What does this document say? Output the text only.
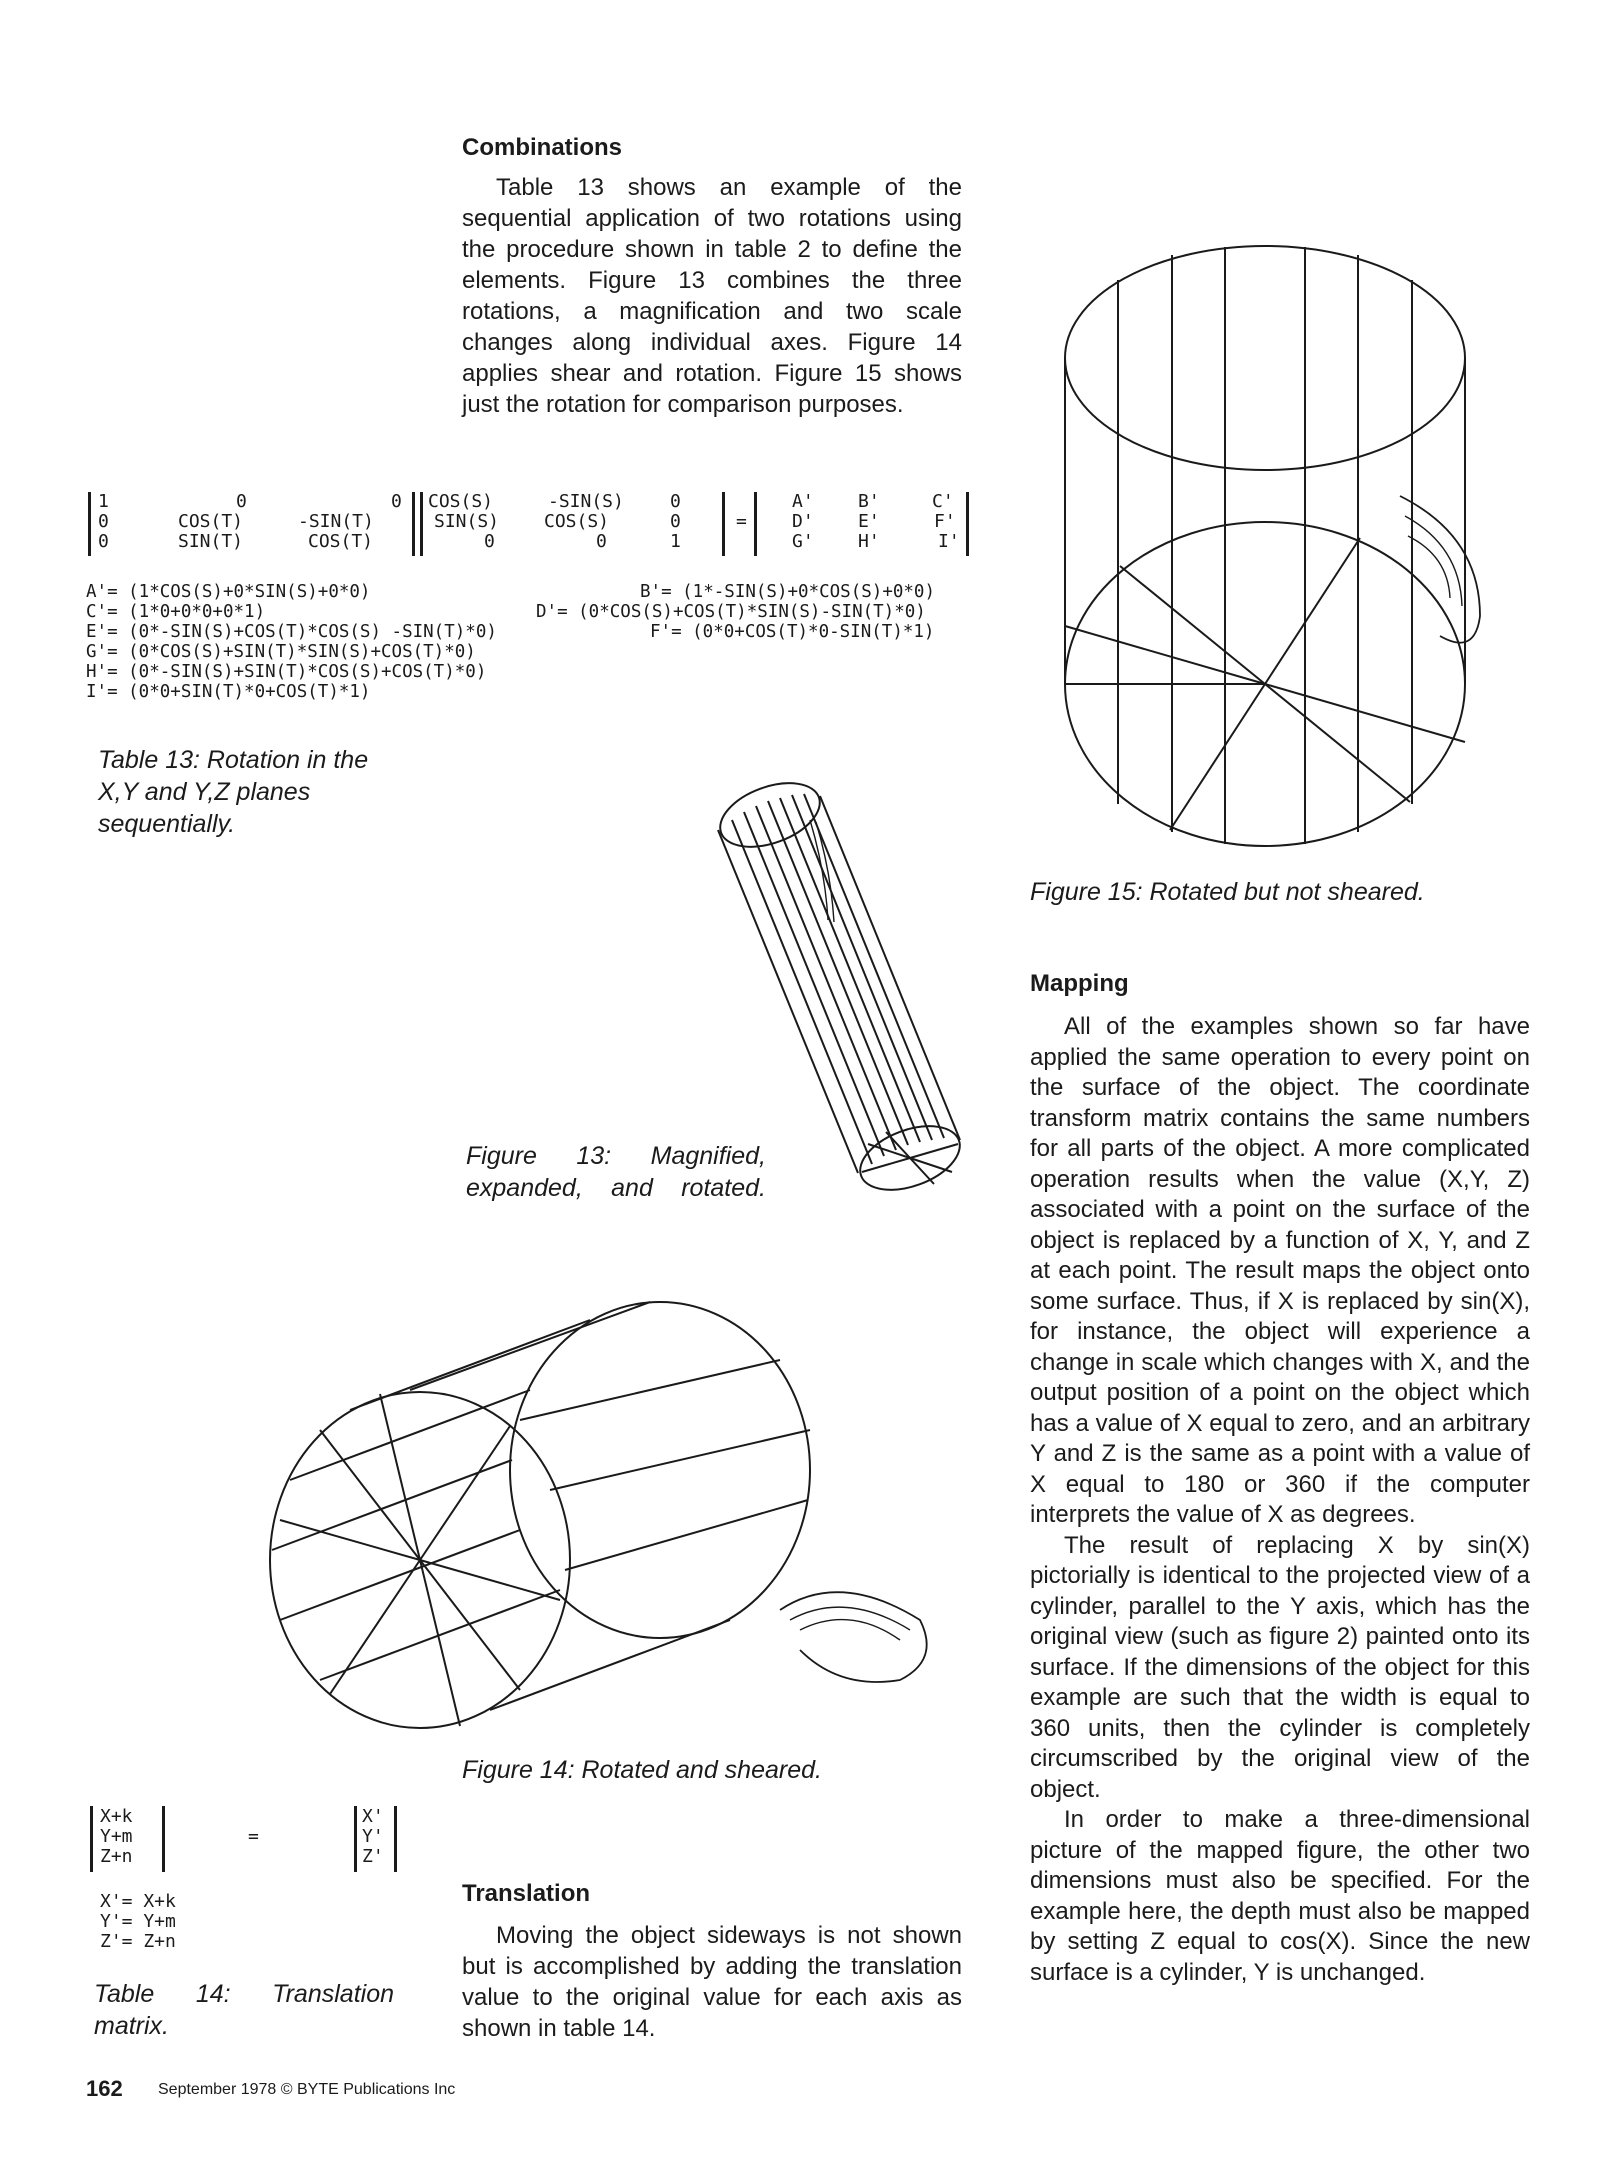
Combinations

Table 13 shows an example of the sequential application of two rotations using the procedure shown in table 2 to define the elements. Figure 13 combines the three rotations, a magnification and two scale changes along individual axes. Figure 14 applies shear and rotation. Figure 15 shows just the rotation for comparison purposes.

1	0	0
0	COS(T)	-SIN(T)
0	SIN(T)	COS(T)
COS(S)	-SIN(S)	0
SIN(S) COS(S)	0
0	0	1
=
A' B'	C'
D' E'	F'
G' H'	I'
A'= (1*COS(S)+0*SIN(S)+0*0)	B'= (1*-SIN(S)+0*COS(S)+0*0)
C'= (1*0+0*0+0*1)	D'= (0*COS(S)+COS(T)*SIN(S)-SIN(T)*0)
E'= (0*-SIN(S)+COS(T)*COS(S) -SIN(T)*0)	F'= (0*0+COS(T)*0-SIN(T)*1)
G'= (0*COS(S)+SIN(T)*SIN(S)+COS(T)*0)
H'= (0*-SIN(S)+SIN(T)*COS(S)+COS(T)*0)
I'= (0*0+SIN(T)*0+COS(T)*1)
Table 13: Rotation in the X,Y and Y,Z planes sequentially.
Figure 13: Magnified, expanded, and rotated.
Figure 14: Rotated and sheared.
Figure 15: Rotated but not sheared.
Mapping

All of the examples shown so far have applied the same operation to every point on the surface of the object. The coordinate transform matrix contains the same numbers for all parts of the object. A more complicated operation results when the value (X,Y, Z) associated with a point on the surface of the object is replaced by a function of X, Y, and Z at each point. The result maps the object onto some surface. Thus, if X is replaced by sin(X), for instance, the object will experience a change in scale which changes with X, and the output position of a point on the object which has a value of X equal to zero, and an arbitrary Y and Z is the same as a point with a value of X equal to 180 or 360 if the computer interprets the value of X as degrees.

The result of replacing X by sin(X) pictorially is identical to the projected view of a cylinder, parallel to the Y axis, which has the original view (such as figure 2) painted onto its surface. If the dimensions of the object for this example are such that the width is equal to 360 units, then the cylinder is completely circumscribed by the original view of the object.

In order to make a three-dimensional picture of the mapped figure, the other two dimensions must also be specified. For the example here, the depth must also be mapped by setting Z equal to cos(X). Since the new surface is a cylinder, Y is unchanged.

X+k
Y+m
Z+n
=
X'
Y'
Z'
X'= X+k
Y'= Y+m
Z'= Z+n
Table 14: Translation matrix.
Translation

Moving the object sideways is not shown but is accomplished by adding the translation value to the original value for each axis as shown in table 14.

162 September 1978 © BYTE Publications Inc
